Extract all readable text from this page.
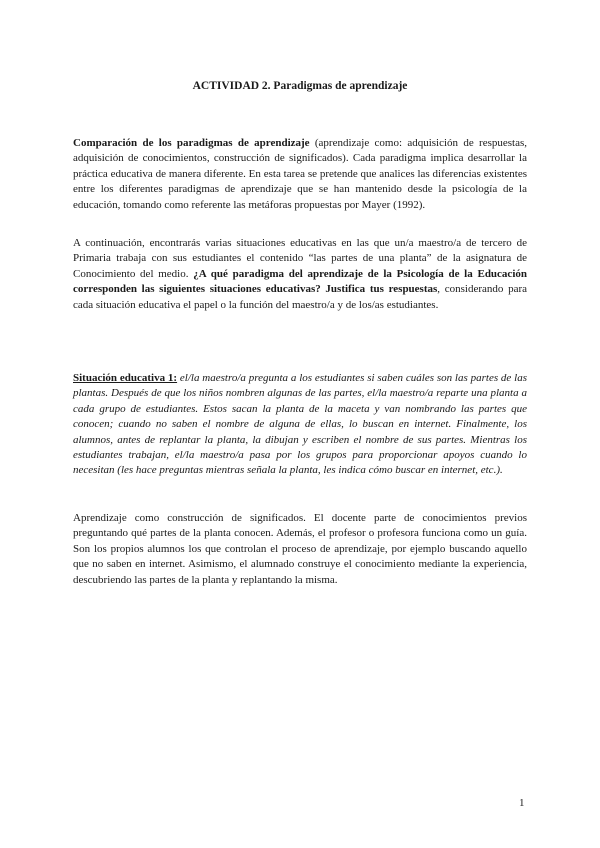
ACTIVIDAD 2. Paradigmas de aprendizaje

Comparación de los paradigmas de aprendizaje (aprendizaje como: adquisición de respuestas, adquisición de conocimientos, construcción de significados). Cada paradigma implica desarrollar la práctica educativa de manera diferente. En esta tarea se pretende que analices las diferencias existentes entre los diferentes paradigmas de aprendizaje que se han mantenido desde la psicología de la educación, tomando como referente las metáforas propuestas por Mayer (1992).

A continuación, encontrarás varias situaciones educativas en las que un/a maestro/a de tercero de Primaria trabaja con sus estudiantes el contenido “las partes de una planta” de la asignatura de Conocimiento del medio. ¿A qué paradigma del aprendizaje de la Psicología de la Educación corresponden las siguientes situaciones educativas? Justifica tus respuestas, considerando para cada situación educativa el papel o la función del maestro/a y de los/as estudiantes.

Situación educativa 1: el/la maestro/a pregunta a los estudiantes si saben cuáles son las partes de las plantas. Después de que los niños nombren algunas de las partes, el/la maestro/a reparte una planta a cada grupo de estudiantes. Estos sacan la planta de la maceta y van nombrando las partes que conocen; cuando no saben el nombre de alguna de ellas, lo buscan en internet. Finalmente, los alumnos, antes de replantar la planta, la dibujan y escriben el nombre de sus partes. Mientras los estudiantes trabajan, el/la maestro/a pasa por los grupos para proporcionar apoyos cuando lo necesitan (les hace preguntas mientras señala la planta, les indica cómo buscar en internet, etc.).

Aprendizaje como construcción de significados. El docente parte de conocimientos previos preguntando qué partes de la planta conocen. Además, el profesor o profesora funciona como un guía. Son los propios alumnos los que controlan el proceso de aprendizaje, por ejemplo buscando aquello que no saben en internet. Asimismo, el alumnado construye el conocimiento mediante la experiencia, descubriendo las partes de la planta y replantando la misma.

1
